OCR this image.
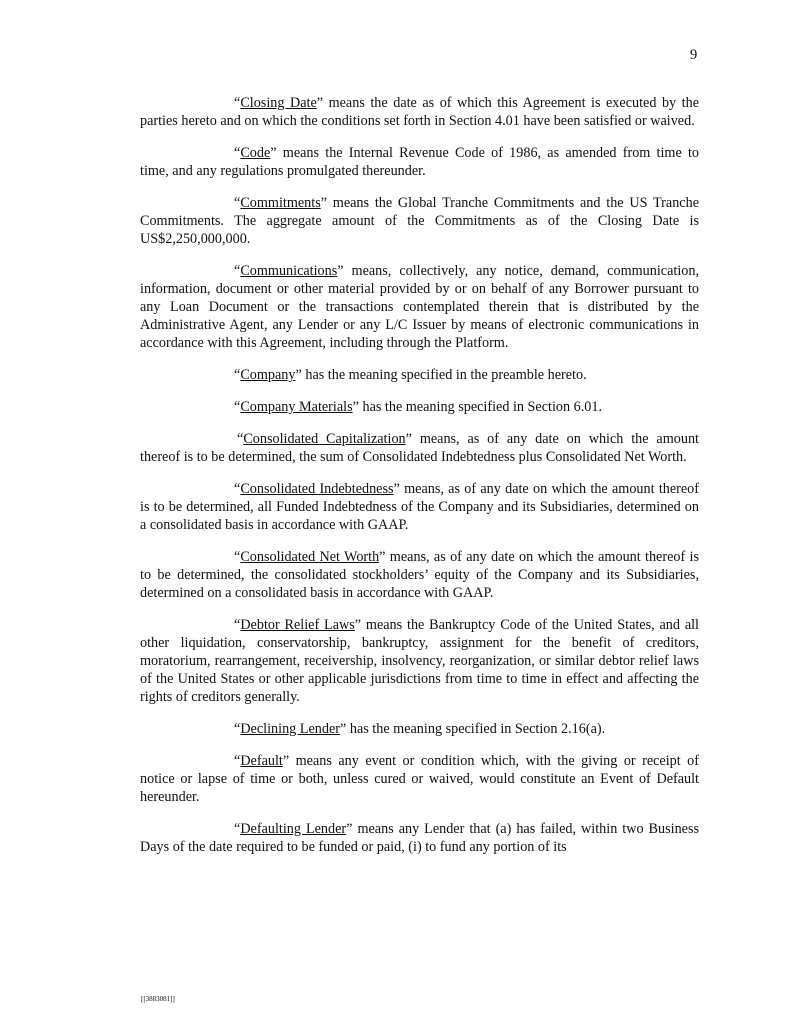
9

“Closing Date” means the date as of which this Agreement is executed by the parties hereto and on which the conditions set forth in Section 4.01 have been satisfied or waived.

“Code” means the Internal Revenue Code of 1986, as amended from time to time, and any regulations promulgated thereunder.

“Commitments” means the Global Tranche Commitments and the US Tranche Commitments. The aggregate amount of the Commitments as of the Closing Date is US$2,250,000,000.

“Communications” means, collectively, any notice, demand, communication, information, document or other material provided by or on behalf of any Borrower pursuant to any Loan Document or the transactions contemplated therein that is distributed by the Administrative Agent, any Lender or any L/C Issuer by means of electronic communications in accordance with this Agreement, including through the Platform.

“Company” has the meaning specified in the preamble hereto.

“Company Materials” has the meaning specified in Section 6.01.

“Consolidated Capitalization” means, as of any date on which the amount thereof is to be determined, the sum of Consolidated Indebtedness plus Consolidated Net Worth.

“Consolidated Indebtedness” means, as of any date on which the amount thereof is to be determined, all Funded Indebtedness of the Company and its Subsidiaries, determined on a consolidated basis in accordance with GAAP.

“Consolidated Net Worth” means, as of any date on which the amount thereof is to be determined, the consolidated stockholders’ equity of the Company and its Subsidiaries, determined on a consolidated basis in accordance with GAAP.

“Debtor Relief Laws” means the Bankruptcy Code of the United States, and all other liquidation, conservatorship, bankruptcy, assignment for the benefit of creditors, moratorium, rearrangement, receivership, insolvency, reorganization, or similar debtor relief laws of the United States or other applicable jurisdictions from time to time in effect and affecting the rights of creditors generally.

“Declining Lender” has the meaning specified in Section 2.16(a).

“Default” means any event or condition which, with the giving or receipt of notice or lapse of time or both, unless cured or waived, would constitute an Event of Default hereunder.

“Defaulting Lender” means any Lender that (a) has failed, within two Business Days of the date required to be funded or paid, (i) to fund any portion of its

[[3883081]]
